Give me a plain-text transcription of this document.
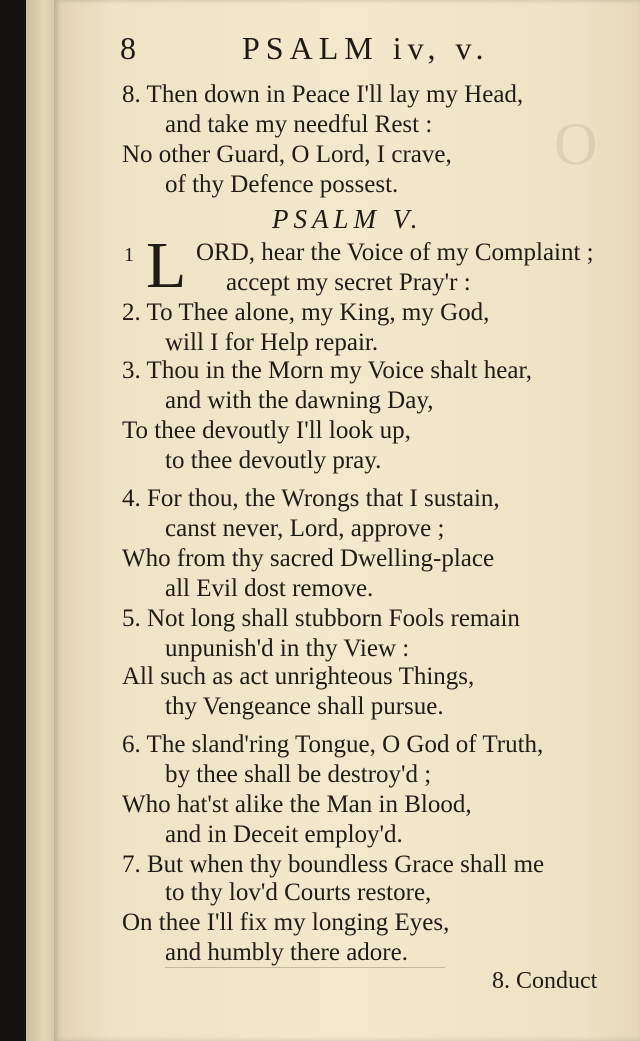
O
8	PSALM iv, v.
8. Then down in Peace I'll lay my Head,
and take my needful Rest :
No other Guard, O Lord, I crave,
of thy Defence possest.
PSALM V.
1 L ORD, hear the Voice of my Complaint ;
accept my secret Pray'r :
2. To Thee alone, my King, my God,
will I for Help repair.
3. Thou in the Morn my Voice shalt hear,
and with the dawning Day,
To thee devoutly I'll look up,
to thee devoutly pray.
4. For thou, the Wrongs that I sustain,
canst never, Lord, approve ;
Who from thy sacred Dwelling-place
all Evil dost remove.
5. Not long shall stubborn Fools remain
unpunish'd in thy View :
All such as act unrighteous Things,
thy Vengeance shall pursue.
6. The sland'ring Tongue, O God of Truth,
by thee shall be destroy'd ;
Who hat'st alike the Man in Blood,
and in Deceit employ'd.
7. But when thy boundless Grace shall me
to thy lov'd Courts restore,
On thee I'll fix my longing Eyes,
and humbly there adore.
8. Conduct
